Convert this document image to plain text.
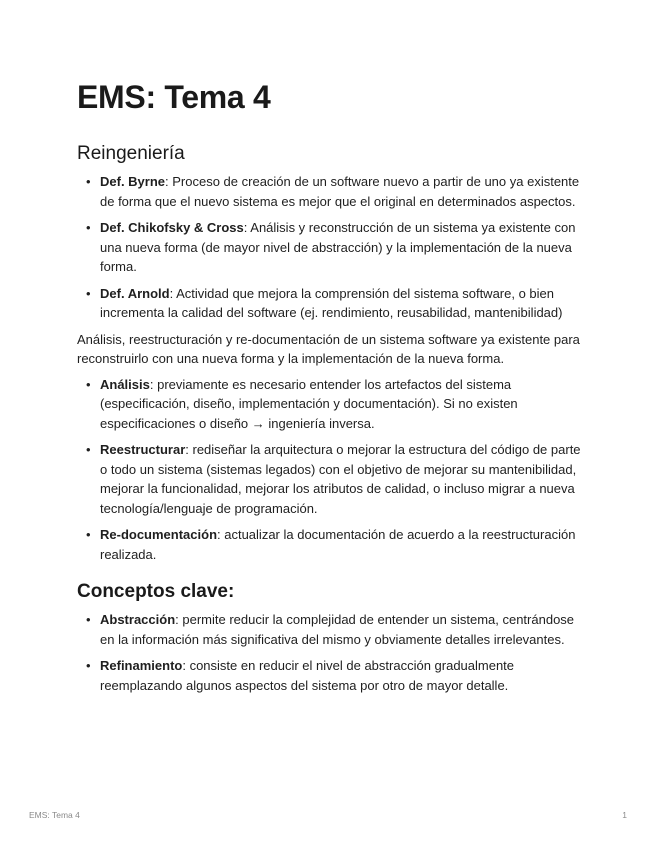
EMS: Tema 4
Reingeniería
• Def. Byrne: Proceso de creación de un software nuevo a partir de uno ya existente de forma que el nuevo sistema es mejor que el original en determinados aspectos.
• Def. Chikofsky & Cross: Análisis y reconstrucción de un sistema ya existente con una nueva forma (de mayor nivel de abstracción) y la implementación de la nueva forma.
• Def. Arnold: Actividad que mejora la comprensión del sistema software, o bien incrementa la calidad del software (ej. rendimiento, reusabilidad, mantenibilidad)

Análisis, reestructuración y re-documentación de un sistema software ya existente para reconstruirlo con una nueva forma y la implementación de la nueva forma.

• Análisis: previamente es necesario entender los artefactos del sistema (especificación, diseño, implementación y documentación). Si no existen especificaciones o diseño → ingeniería inversa.
• Reestructurar: rediseñar la arquitectura o mejorar la estructura del código de parte o todo un sistema (sistemas legados) con el objetivo de mejorar su mantenibilidad, mejorar la funcionalidad, mejorar los atributos de calidad, o incluso migrar a nueva tecnología/lenguaje de programación.
• Re-documentación: actualizar la documentación de acuerdo a la reestructuración realizada.
Conceptos clave:
• Abstracción: permite reducir la complejidad de entender un sistema, centrándose en la información más significativa del mismo y obviamente detalles irrelevantes.
• Refinamiento: consiste en reducir el nivel de abstracción gradualmente reemplazando algunos aspectos del sistema por otro de mayor detalle.
EMS: Tema 4	1
